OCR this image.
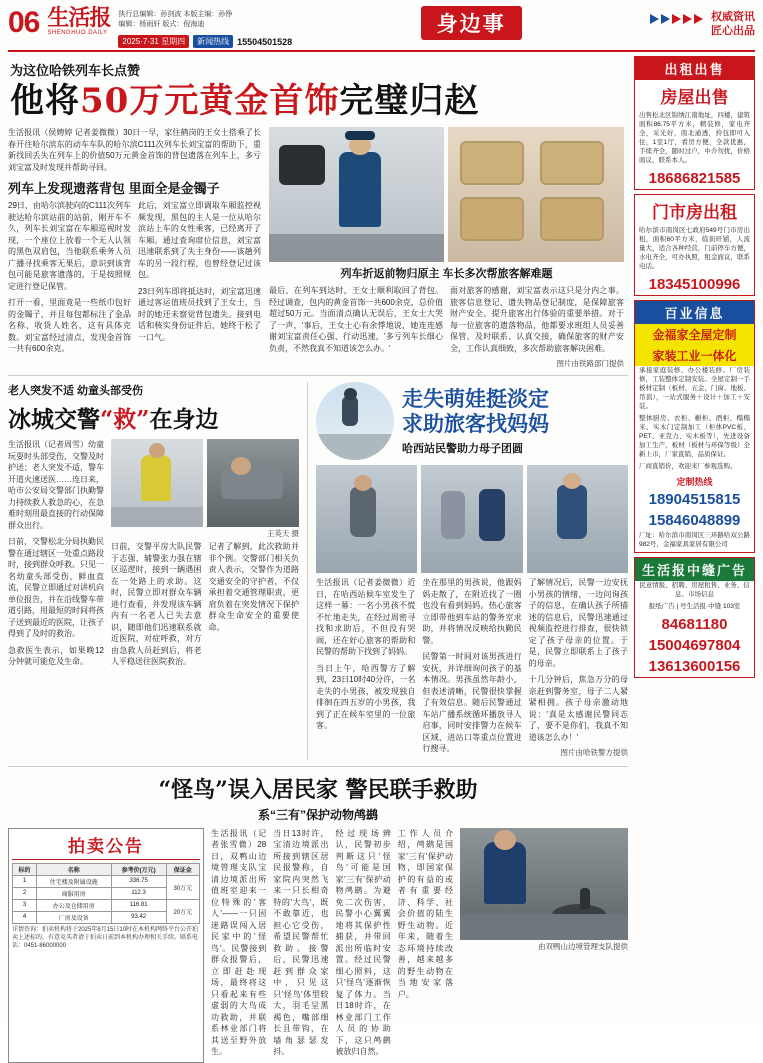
06 生活报
SHENGHUO DAILY
执行总编辑：孙剑波 本版主编：孙铮
编辑：杨雨轩 版式：倪海迪
2025·7·31 星期四	新闻热线 15504501528
身边事	权威资讯
匠心出品
为这位哈铁列车长点赞
他将50万元黄金首饰完璧归赵

生活报讯（侯娉婷 记者姜微微）30日一早，家住鹤岗的王女士搭乘了长春开往哈尔滨东的动车车队的哈尔滨C111次列车长刘宝富的帮助下，重新找回丢失在列车上的价值50万元黄金首饰的背包遗落在列车上，多亏刘宝富及时发现并帮助寻回。

列车上发现遗落背包 里面全是金镯子

29日，由哈尔滨驶向的C111次列车驶达哈尔滨站前的站前，刚开车不久，列车长刘宝富在车厢巡视时发现，一个座位上放着一个无人认领的黑色双肩包，当他联系乘务人员广播寻找乘客无果后，意识到该背包可能是旅客遗落的，于是按照规定进行登记保管。

打开一看，里面竟是一些纸巾包好的金镯子，并且每包都标注了金品名称、收货人姓名，这有具体克数。刘宝富经过清点，发现金首饰一共有600余克。

此后，刘宝富立即调取车厢监控视频发现，黑包的主人是一位从哈尔滨站上车的女性乘客，已经离开了车厢。通过查询席位信息，刘宝富迅速联系到了失主身份——该趟列车的另一段行程，也曾经登记过该包。

23日列车即将抵达时，刘宝富迅速通过客运值班员找到了王女士，当时的她还未察觉背包遗失。接到电话和核实身份证件后，她终于松了一口气。

列车折返前物归原主 车长多次帮旅客解难题

最后，在列车到达时，王女士顺利取回了背包。经过调查，包内的黄金首饰一共600余克，总价值超过50万元。当面清点确认无误后，王女士大哭了一声，'事后，王女士心有余悸地说，她连连感谢刘宝富责任心强、行动迅速，'多亏列车长细心负责，不然我真不知道该怎么办。'

面对旅客的感谢，刘宝富表示这只是分内之事。旅客信息登记、遗失物品登记制度，是保障旅客财产安全、提升旅客出行体验的重要举措。对于每一位旅客的遗落物品，他都要求班组人员妥善保管、及时联系、认真交接，确保旅客的财产安全，工作认真细致，多次帮助旅客解决困难。

图片由铁路部门提供
老人突发不适 幼童头部受伤
冰城交警“救”在身边

生活报讯（记者周雪）幼童玩耍时头部受伤，交警及时护送；老人突发不适，警车开道火速送医……连日来，哈市公安局交警部门执勤警力持续救人救急的心，在急难时刻用最直接的行动保障群众出行。

日前，交警松北分局执勤民警在通过辖区一处重点路段时，接到群众呼救。只见一名幼童头部受伤，鲜血直流，民警立即通过对讲机向单位报告，并在沿线警车带道引路，用最短的时间将孩子送到最近的医院，让孩子得到了及时的救治。

急救医生表示，如果晚12分钟就可能危及生命。

王英天 摄

日前，交警平房大队民警于志强、辅警张力强在辖区巡逻时，接到一辆遇困在一处路上的求助。这时，民警立即对群众车辆进行查看，并发现该车辆内有一名老人已失去意识，随即他们迅速联系就近医院，对症呼救，对方由急救人员赶到后，将老人平稳送往医院救治。

记者了解到，此次救助并非个例。交警部门相关负责人表示，交警作为道路交通安全的守护者，不仅承担着交通管理职责，更肩负着在突发情况下保护群众生命安全的重要使命。

走失萌娃挺淡定
求助旅客找妈妈
哈西站民警助力母子团圆

生活报讯（记者姜微微）近日，在哈西站候车室发生了这样一幕：一名小男孩不慌不忙地走失，在经过周密寻找和求助后，不但没有哭闹，还在好心旅客的帮助和民警的帮助下找到了妈妈。

当日上午，哈西警方了解到，23日10时40分许，一名走失的小男孩，被发现独自徘徊在四五岁的小男孩，我到了正在候车室里的一位旅客。

坐在那里的男孩说，他跟妈妈走散了，在附近找了一圈也没有看到妈妈。热心旅客立即带他到车站的警务室求助，并将情况反映给执勤民警。

民警第一时间对该男孩进行安抚，并详细询问孩子的基本情况。男孩虽然年龄小，但表述清晰，民警很快掌握了有效信息。随后民警通过车站广播系统循环播放寻人启事，同时安排警力在候车区域、进站口等重点位置进行搜寻。

了解情况后，民警一边安抚小男孩的情绪，一边问询孩子的信息，在确认孩子所描述的信息后，民警迅速通过视频监控进行排查，很快锁定了孩子母亲的位置。于是，民警立即联系上了孩子的母亲。

十几分钟后，焦急万分的母亲赶到警务室，母子二人紧紧相拥。孩子母亲激动地说：'真是太感谢民警同志了，要不是你们，我真不知道该怎么办！'

图片由哈铁警方提供
“怪鸟”误入居民家 警民联手救助
系“三有”保护动物鸬鹚
拍卖公告
标的	名称	参考价(万元)	保证金
1	住宅楼及附属设施	336.75	30万元
2	商服用房	112.3	
3	办公及仓储用房	116.81	20万元
4	厂房及设备	93.42	
详情咨询：拍卖机构将于2025年8月15日10时在本机构网络平台公开拍卖上述标的，有意竞买者请于拍卖日前到本机构办理相关手续。联系电话：0451-86000000

生活报讯（记者张雪微）28日，双鸭山边境管理支队宝清边境派出所值班室迎来一位特殊的'客人'——一只因迷路误闯入居民家中的'怪鸟'。民警接到群众报警后，立即赶赴现场，最终将这只看起来有些虚弱的大鸟成功救助，并联系林业部门将其送至野外放生。

当日13时许，宝清边境派出所接到辖区居民报警称，自家院内突然飞来一只长相奇特的'大鸟'，既不敢靠近，也担心它受伤，希望民警帮忙救助。接警后，民警迅速赶到群众家中，只见这只'怪鸟'体型较大，羽毛呈黑褐色，嘴部细长且带钩，在墙角瑟瑟发抖。

经过现场辨认，民警初步判断这只'怪鸟'可能是国家'三有'保护动物鸬鹚。为避免二次伤害，民警小心翼翼地将其保护性捕获，并带回派出所临时安置。经过民警细心照料，这只'怪鸟'逐渐恢复了体力。当日18时许，在林业部门工作人员的协助下，这只鸬鹚被放归自然。

工作人员介绍，鸬鹚是国家'三有'保护动物，即国家保护的有益的或者有重要经济、科学、社会价值的陆生野生动物。近年来，随着生态环境持续改善，越来越多的野生动物在当地安家落户。

由双鸭山边境管理支队提供
出租出售
房屋出售
出售松北区锦绣江南地址，四楼，建筑面积86.75平方米，精装修，家电齐全，采光好，南北通透，拎包即可入住，1室1厅，看房方便，全款优惠，手续齐全，随时过户，中介勿扰，价格面议，联系本人。
18686821585
门市房出租
哈尔滨市南岗区七政府549号门市房出租，面积60平方米，临街旺铺，人流量大，适合各种经营，门前停车方便，水电齐全，可办执照，租金面议，联系电话。
18345100996
百业信息
金福家全屋定制
家装工业一体化
承接家庭装修、办公楼装修、厂房装修，工装整体定制安装。全屋定制一手板材定制（板材、五金、门窗、地板、吊顶），一站式服务＋设计＋加工＋安装。
整体厨房、衣柜、橱柜、酒柜、榻榻米、实木门定制加工（柜体PVC板、PET、亚克力、实木板等），先进设备加工生产，板材（板材与环保等级）全新上市，厂家直销，品质保证。
厂商直销价，欢迎来厂参观选购。
定制热线
18904515815
15846048899
厂址：哈尔滨市南岗区三环路哈双公路982号，金福家具家居有限公司
生活报中缝广告
民意情报、招聘、房屋租售、业务、信息、市场信息
报纸广告 | 号生活报·中缝 103室
84681180
15004697804
13613600156
